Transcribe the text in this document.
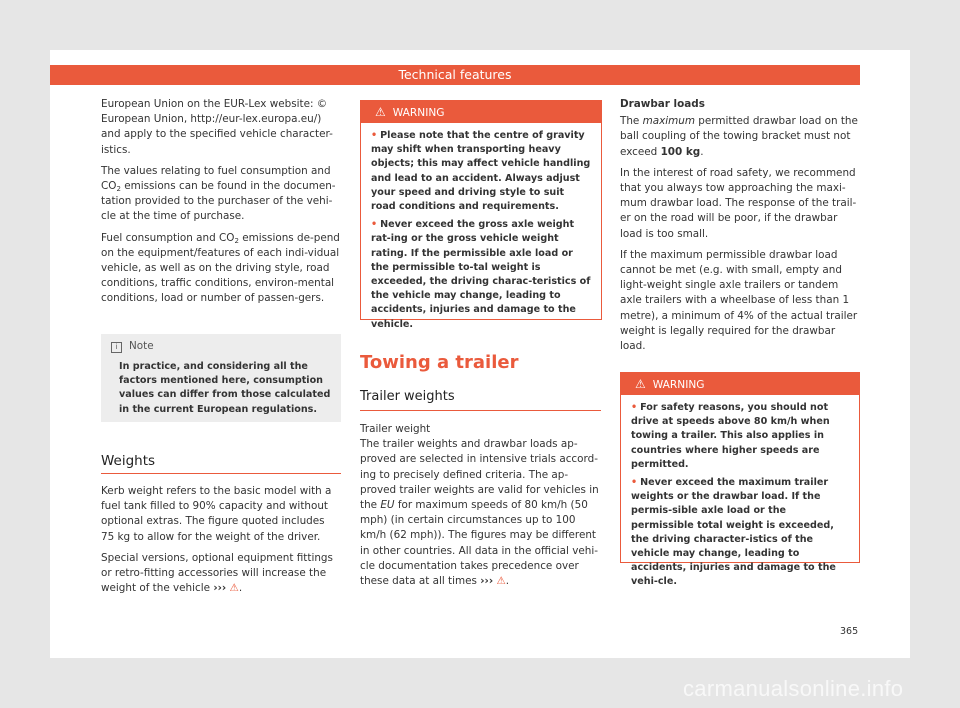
Technical features

European Union on the EUR-Lex website: © European Union, http://eur-lex.europa.eu/) and apply to the specified vehicle character-istics.

The values relating to fuel consumption and $CO_2$ emissions can be found in the documen-tation provided to the purchaser of the vehi-cle at the time of purchase.

Fuel consumption and $CO_2$ emissions de-pend on the equipment/features of each indi-vidual vehicle, as well as on the driving style, road conditions, traffic conditions, environ-mental conditions, load or number of passen-gers.

i Note
In practice, and considering all the factors mentioned here, consumption values can differ from those calculated in the current European regulations.
Weights

Kerb weight refers to the basic model with a fuel tank filled to 90% capacity and without optional extras. The figure quoted includes 75 kg to allow for the weight of the driver.

Special versions, optional equipment fittings or retro-fitting accessories will increase the weight of the vehicle ››› ⚠.

⚠ WARNING
• Please note that the centre of gravity may shift when transporting heavy objects; this may affect vehicle handling and lead to an accident. Always adjust your speed and driving style to suit road conditions and requirements.
• Never exceed the gross axle weight rat-ing or the gross vehicle weight rating. If the permissible axle load or the permissible to-tal weight is exceeded, the driving charac-teristics of the vehicle may change, leading to accidents, injuries and damage to the vehicle.
Towing a trailer
Trailer weights

Trailer weight

The trailer weights and drawbar loads ap-proved are selected in intensive trials accord-ing to precisely defined criteria. The ap-proved trailer weights are valid for vehicles in the EU for maximum speeds of 80 km/h (50 mph) (in certain circumstances up to 100 km/h (62 mph)). The figures may be different in other countries. All data in the official vehi-cle documentation takes precedence over these data at all times ››› ⚠.

Drawbar loads

The maximum permitted drawbar load on the ball coupling of the towing bracket must not exceed 100 kg.

In the interest of road safety, we recommend that you always tow approaching the maxi-mum drawbar load. The response of the trail-er on the road will be poor, if the drawbar load is too small.

If the maximum permissible drawbar load cannot be met (e.g. with small, empty and light-weight single axle trailers or tandem axle trailers with a wheelbase of less than 1 metre), a minimum of 4% of the actual trailer weight is legally required for the drawbar load.

⚠ WARNING
• For safety reasons, you should not drive at speeds above 80 km/h when towing a trailer. This also applies in countries where higher speeds are permitted.
• Never exceed the maximum trailer weights or the drawbar load. If the permis-sible axle load or the permissible total weight is exceeded, the driving character-istics of the vehicle may change, leading to accidents, injuries and damage to the vehi-cle.
365
carmanualsonline.info
